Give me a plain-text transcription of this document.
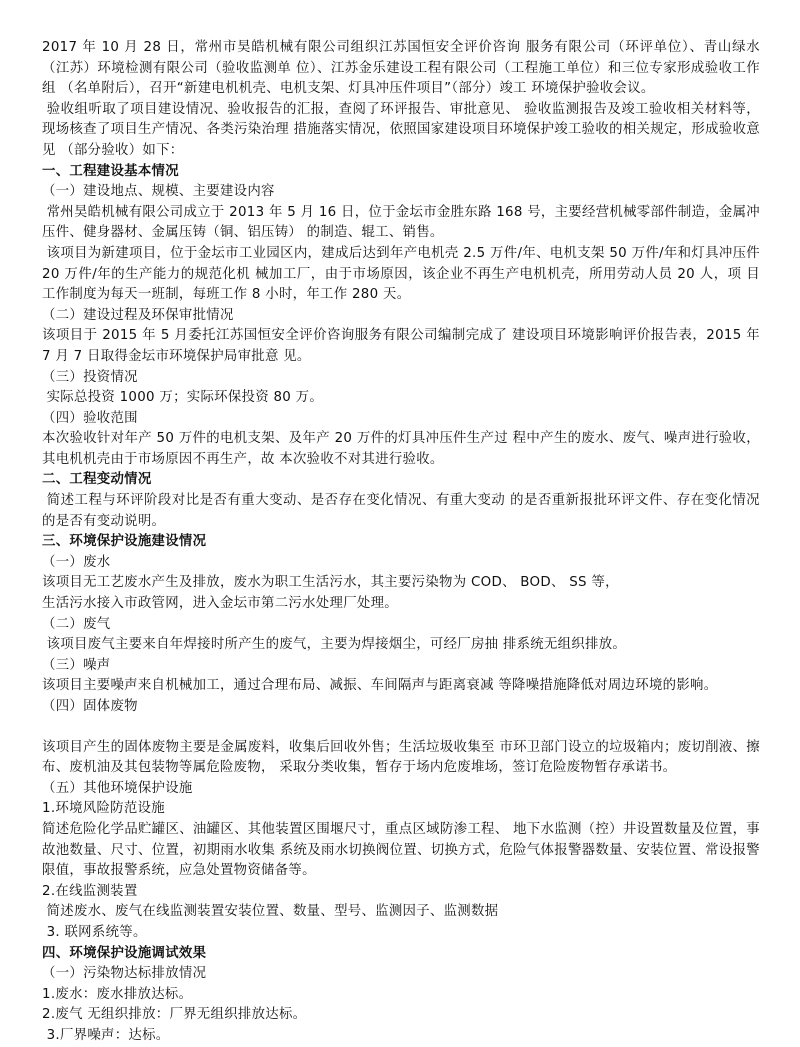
2017 年 10 月 28 日，常州市昊皓机械有限公司组织江苏国恒安全评价咨询 服务有限公司（环评单位）、青山绿水（江苏）环境检测有限公司（验收监测单 位）、江苏金乐建设工程有限公司（工程施工单位）和三位专家形成验收工作组 （名单附后），召开“新建电机机壳、电机支架、灯具冲压件项目”（部分）竣工 环境保护验收会议。

验收组听取了项目建设情况、验收报告的汇报，查阅了环评报告、审批意见、 验收监测报告及竣工验收相关材料等，现场核查了项目生产情况、各类污染治理 措施落实情况，依照国家建设项目环境保护竣工验收的相关规定，形成验收意见 （部分验收）如下：

一、工程建设基本情况

（一）建设地点、规模、主要建设内容

常州昊皓机械有限公司成立于 2013 年 5 月 16 日，位于金坛市金胜东路 168 号，主要经营机械零部件制造，金属冲压件、健身器材、金属压铸（铜、铝压铸） 的制造、辊工、销售。

该项目为新建项目，位于金坛市工业园区内，建成后达到年产电机壳 2.5 万件/年、电机支架 50 万件/年和灯具冲压件 20 万件/年的生产能力的规范化机 械加工厂，由于市场原因，该企业不再生产电机机壳，所用劳动人员 20 人，项 目工作制度为每天一班制，每班工作 8 小时，年工作 280 天。

（二）建设过程及环保审批情况

该项目于 2015 年 5 月委托江苏国恒安全评价咨询服务有限公司编制完成了 建设项目环境影响评价报告表，2015 年 7 月 7 日取得金坛市环境保护局审批意 见。

（三）投资情况

实际总投资 1000 万；实际环保投资 80 万。

（四）验收范围

本次验收针对年产 50 万件的电机支架、及年产 20 万件的灯具冲压件生产过 程中产生的废水、废气、噪声进行验收，其电机机壳由于市场原因不再生产，故 本次验收不对其进行验收。

二、工程变动情况

简述工程与环评阶段对比是否有重大变动、是否存在变化情况、有重大变动 的是否重新报批环评文件、存在变化情况的是否有变动说明。

三、环境保护设施建设情况

（一）废水

该项目无工艺废水产生及排放，废水为职工生活污水，其主要污染物为 COD、 BOD、 SS 等，

生活污水接入市政管网，进入金坛市第二污水处理厂处理。

（二）废气

该项目废气主要来自年焊接时所产生的废气，主要为焊接烟尘，可经厂房抽 排系统无组织排放。

（三）噪声

该项目主要噪声来自机械加工，通过合理布局、减振、车间隔声与距离衰减 等降噪措施降低对周边环境的影响。

（四）固体废物

该项目产生的固体废物主要是金属废料，收集后回收外售；生活垃圾收集至 市环卫部门设立的垃圾箱内；废切削液、擦布、废机油及其包装物等属危险废物， 采取分类收集，暂存于场内危废堆场，签订危险废物暂存承诺书。

（五）其他环境保护设施

1.环境风险防范设施

简述危险化学品贮罐区、油罐区、其他装置区围堰尺寸，重点区域防渗工程、 地下水监测（控）井设置数量及位置，事故池数量、尺寸、位置，初期雨水收集 系统及雨水切换阀位置、切换方式，危险气体报警器数量、安装位置、常设报警 限值，事故报警系统，应急处置物资储备等。

2.在线监测装置

简述废水、废气在线监测装置安装位置、数量、型号、监测因子、监测数据

3. 联网系统等。

四、环境保护设施调试效果

（一）污染物达标排放情况

1.废水：废水排放达标。

2.废气 无组织排放：厂界无组织排放达标。

3.厂界噪声：达标。
